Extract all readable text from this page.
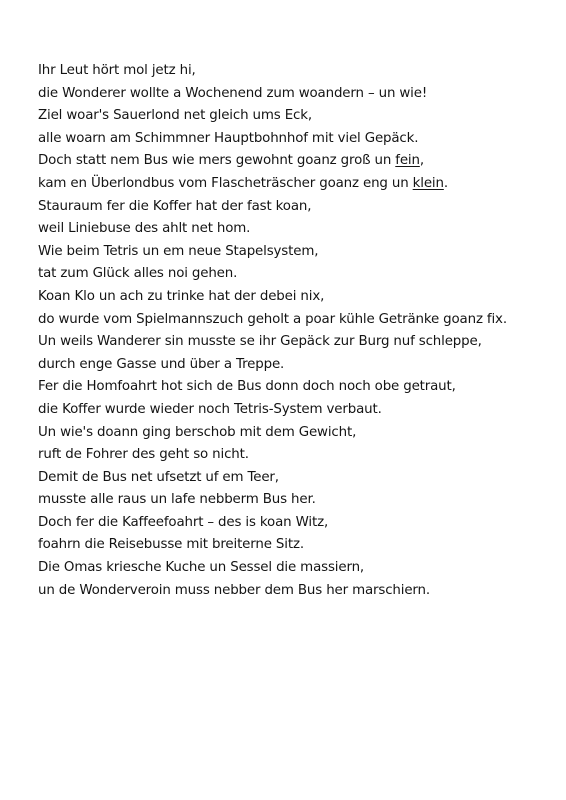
Ihr Leut hört mol jetz hi,
die Wonderer wollte a Wochenend zum woandern – un wie!
Ziel woar's Sauerlond net gleich ums Eck,
alle woarn am Schimmner Hauptbohnhof mit viel Gepäck.
Doch statt nem Bus wie mers gewohnt goanz groß un fein,
kam en Überlondbus vom Flascheträscher goanz eng un klein.
Stauraum fer die Koffer hat der fast koan,
weil Liniebuse des ahlt net hom.
Wie beim Tetris un em neue Stapelsystem,
tat zum Glück alles noi gehen.
Koan Klo un ach zu trinke hat der debei nix,
do wurde vom Spielmannszuch geholt a poar kühle Getränke goanz fix.
Un weils Wanderer sin musste se ihr Gepäck zur Burg nuf schleppe,
durch enge Gasse und über a Treppe.
Fer die Homfoahrt hot sich de Bus donn doch noch obe getraut,
die Koffer wurde wieder noch Tetris-System verbaut.
Un wie's doann ging berschob mit dem Gewicht,
ruft de Fohrer des geht so nicht.
Demit de Bus net ufsetzt uf em Teer,
musste alle raus un lafe nebberm Bus her.
Doch fer die Kaffeefoahrt – des is koan Witz,
foahrn die Reisebusse mit breiterne Sitz.
Die Omas kriesche Kuche un Sessel die massiern,
un de Wonderveroin muss nebber dem Bus her marschiern.
